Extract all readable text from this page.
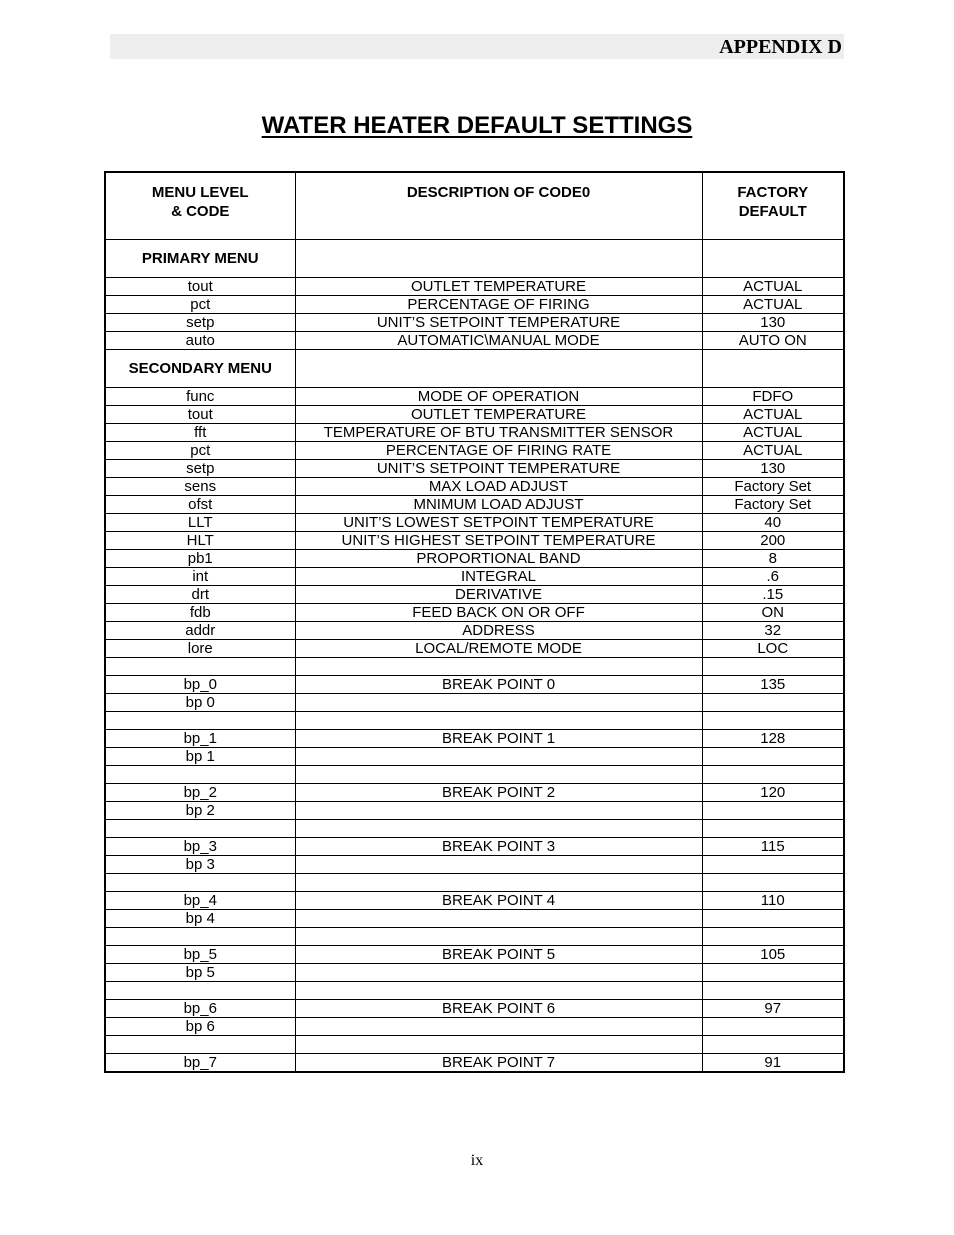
APPENDIX D
WATER HEATER DEFAULT SETTINGS
MENU LEVEL
& CODE	DESCRIPTION OF CODE0	FACTORY
DEFAULT
PRIMARY MENU		
tout	OUTLET TEMPERATURE	ACTUAL
pct	PERCENTAGE OF FIRING	ACTUAL
setp	UNIT’S SETPOINT TEMPERATURE	130
auto	AUTOMATIC\MANUAL MODE	AUTO ON
SECONDARY MENU		
func	MODE OF OPERATION	FDFO
tout	OUTLET TEMPERATURE	ACTUAL
fft	TEMPERATURE OF BTU TRANSMITTER SENSOR	ACTUAL
pct	PERCENTAGE OF FIRING RATE	ACTUAL
setp	UNIT’S SETPOINT TEMPERATURE	130
sens	MAX LOAD ADJUST	Factory Set
ofst	MNIMUM LOAD ADJUST	Factory Set
LLT	UNIT’S LOWEST SETPOINT TEMPERATURE	40
HLT	UNIT’S HIGHEST SETPOINT TEMPERATURE	200
pb1	PROPORTIONAL BAND	8
int	INTEGRAL	.6
drt	DERIVATIVE	.15
fdb	FEED BACK ON OR OFF	ON
addr	ADDRESS	32
lore	LOCAL/REMOTE MODE	LOC

bp_0	BREAK POINT 0	135
bp 0		

bp_1	BREAK POINT 1	128
bp 1		

bp_2	BREAK POINT 2	120
bp 2		

bp_3	BREAK POINT 3	115
bp 3		

bp_4	BREAK POINT 4	110
bp 4		

bp_5	BREAK POINT 5	105
bp 5		

bp_6	BREAK POINT 6	97
bp 6		

bp_7	BREAK POINT 7	91
ix
